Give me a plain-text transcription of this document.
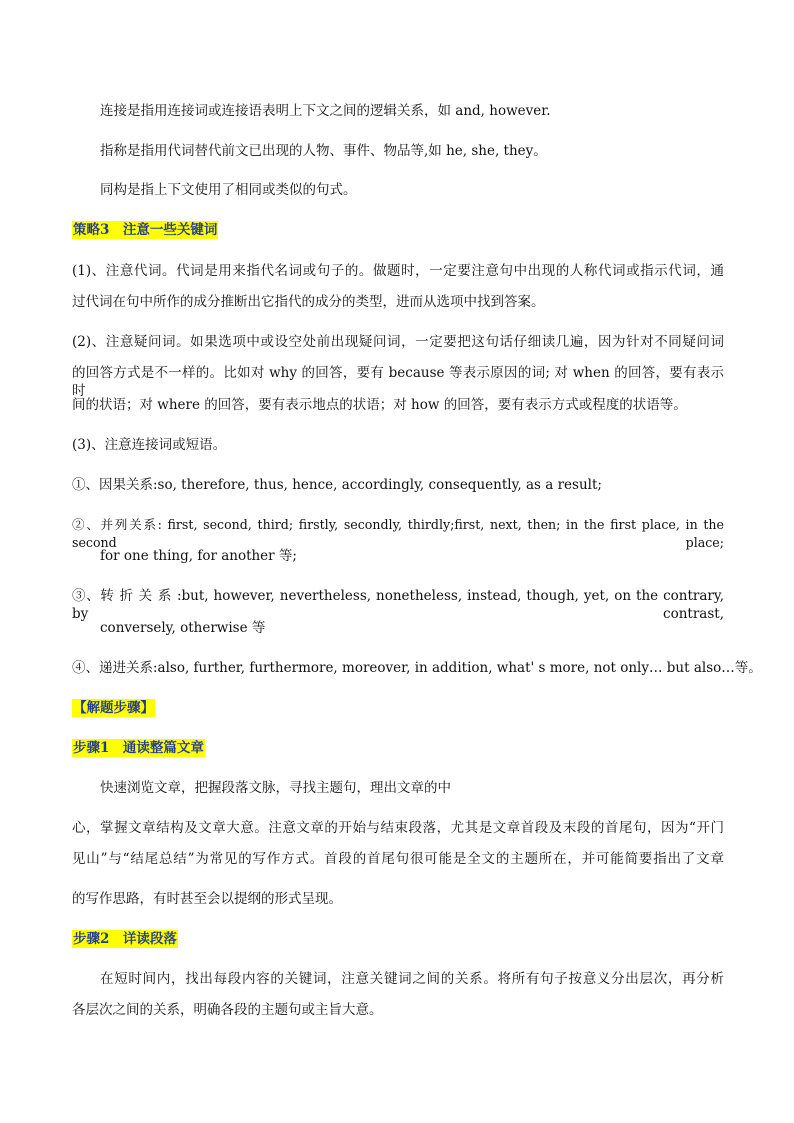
连接是指用连接词或连接语表明上下文之间的逻辑关系，如 and, however.
指称是指用代词替代前文已出现的人物、事件、物品等,如 he, she, they。
同构是指上下文使用了相同或类似的句式。
策略3　注意一些关键词
(1)、注意代词。代词是用来指代名词或句子的。做题时，一定要注意句中出现的人称代词或指示代词，通
过代词在句中所作的成分推断出它指代的成分的类型，进而从选项中找到答案。
(2)、注意疑问词。如果选项中或设空处前出现疑问词，一定要把这句话仔细读几遍，因为针对不同疑问词
的回答方式是不一样的。比如对 why 的回答，要有 because 等表示原因的词; 对 when 的回答，要有表示时
间的状语；对 where 的回答，要有表示地点的状语；对 how 的回答，要有表示方式或程度的状语等。
(3)、注意连接词或短语。
①、因果关系:so, therefore, thus, hence, accordingly, consequently, as a result;
②、并列关系: first, second, third; firstly, secondly, thirdly;first, next, then; in the first place, in the second place;
for one thing, for another 等;
③、转 折 关 系 :but, however, nevertheless, nonetheless, instead, though, yet, on the contrary, by contrast,
conversely, otherwise 等
④、递进关系:also, further, furthermore, moreover, in addition, what' s more, not only… but also…等。
【解题步骤】
步骤1　通读整篇文章
快速浏览文章，把握段落文脉，寻找主题句，理出文章的中
心，掌握文章结构及文章大意。注意文章的开始与结束段落，尤其是文章首段及末段的首尾句，因为“开门
见山”与“结尾总结”为常见的写作方式。首段的首尾句很可能是全文的主题所在，并可能简要指出了文章
的写作思路，有时甚至会以提纲的形式呈现。
步骤2　详读段落
在短时间内，找出每段内容的关键词，注意关键词之间的关系。将所有句子按意义分出层次，再分析
各层次之间的关系，明确各段的主题句或主旨大意。
